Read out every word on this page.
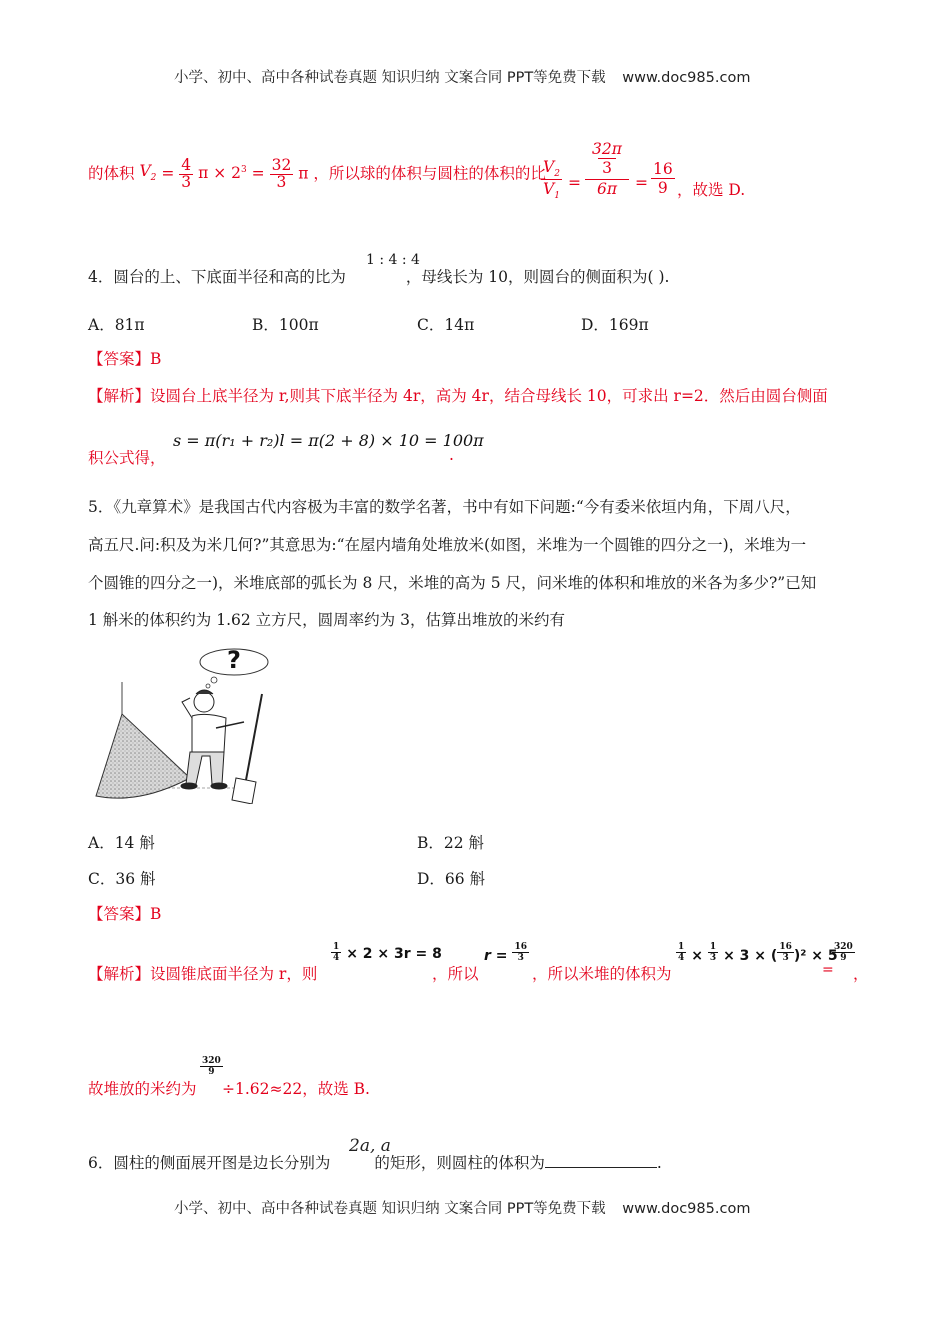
小学、初中、高中各种试卷真题 知识归纳 文案合同 PPT等免费下载 www.doc985.com
的体积 $V_2 = \frac{4}{3}$ $\pi \times 2^3 = \frac{32}{3}$ π ，所以球的体积与圆柱的体积的比
$\frac{V_2}{V_1}$ =
32π
3
6π	= $\frac{16}{9}$ ，故选 D.
1 : 4 : 4
4．圆台的上、下底面半径和高的比为	，母线长为 10，则圆台的侧面积为( ).
A．81π	B．100π	C．14π	D．169π
【答案】B
【解析】设圆台上底半径为 r,则其下底半径为 4r，高为 4r，结合母线长 10，可求出 r=2．然后由圆台侧面
积公式得，
s = π(r₁ + r₂)l = π(2 + 8) × 10 = 100π
.
5．《九章算术》是我国古代内容极为丰富的数学名著，书中有如下问题:“今有委米依垣内角，下周八尺，
高五尺.问:积及为米几何?”其意思为:“在屋内墙角处堆放米(如图，米堆为一个圆锥的四分之一)，米堆为一
个圆锥的四分之一)，米堆底部的弧长为 8 尺，米堆的高为 5 尺，问米堆的体积和堆放的米各为多少?”已知
1 斛米的体积约为 1.62 立方尺，圆周率约为 3，估算出堆放的米约有
?
A．14 斛	B．22 斛
C．36 斛	D．66 斛
【答案】B
【解析】设圆锥底面半径为 r，则
$\frac{1}{4} \times 2 \times 3r = 8$
，所以
$r = \frac{16}{3}$
，所以米堆的体积为
$\frac{1}{4} \times \frac{1}{3} \times 3$ × ( $\frac{16}{3} )^2 \times 5$
=
$\frac{320}{9}$
，
故堆放的米约为
$\frac{320}{9}$
÷1.62≈22，故选 B.
2a, a
6．圆柱的侧面展开图是边长分别为	的矩形，则圆柱的体积为	.
小学、初中、高中各种试卷真题 知识归纳 文案合同 PPT等免费下载 www.doc985.com
